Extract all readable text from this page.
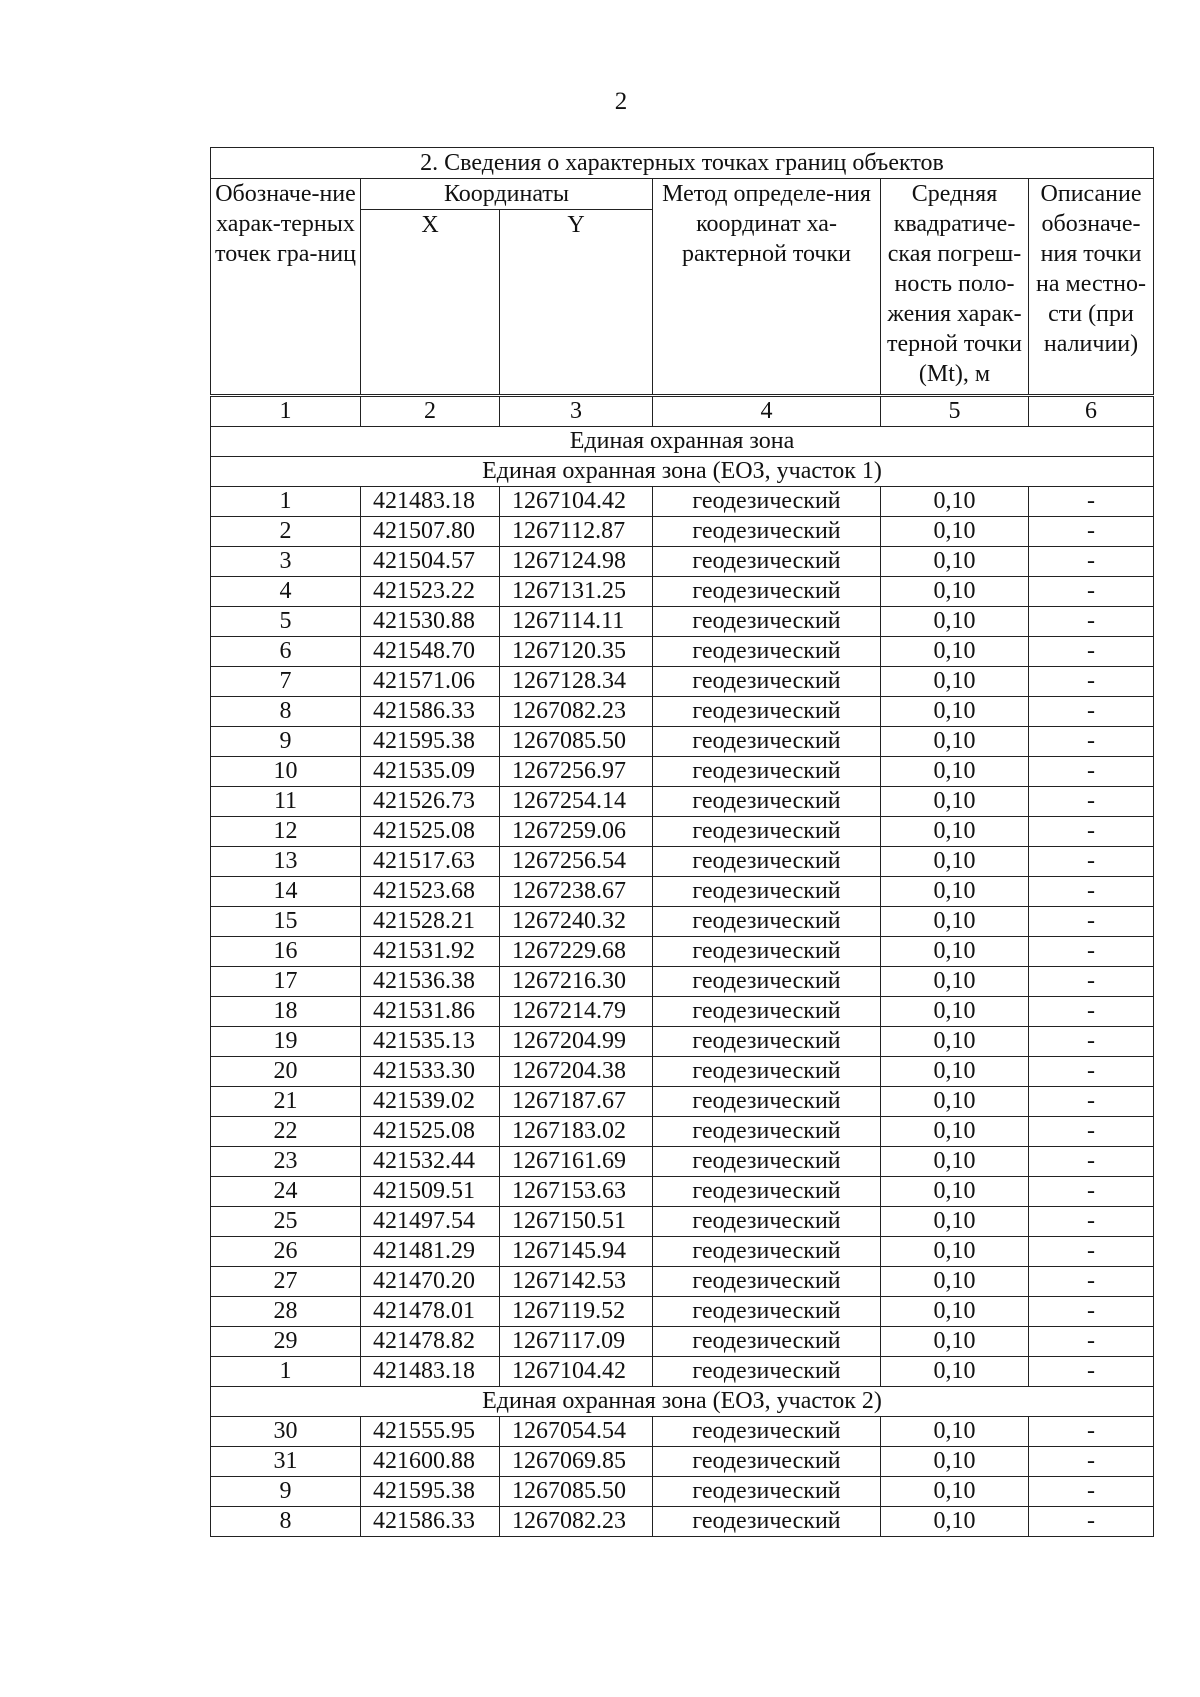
2
2. Сведения о характерных точках границ объектов					
Обозначе-ние харак-терных точек гра-ниц	Координаты		Метод определе-ния координат ха-рактерной точки	Средняя квадратиче-ская погреш-ность поло-жения харак-терной точки (Mt), м	Описание обозначе-ния точки на местно-сти (при наличии)
	X	Y			
1	2	3	4	5	6
Единая охранная зона					
Единая охранная зона (ЕОЗ, участок 1)					
1	421483.18	1267104.42	геодезический	0,10	-
2	421507.80	1267112.87	геодезический	0,10	-
3	421504.57	1267124.98	геодезический	0,10	-
4	421523.22	1267131.25	геодезический	0,10	-
5	421530.88	1267114.11	геодезический	0,10	-
6	421548.70	1267120.35	геодезический	0,10	-
7	421571.06	1267128.34	геодезический	0,10	-
8	421586.33	1267082.23	геодезический	0,10	-
9	421595.38	1267085.50	геодезический	0,10	-
10	421535.09	1267256.97	геодезический	0,10	-
11	421526.73	1267254.14	геодезический	0,10	-
12	421525.08	1267259.06	геодезический	0,10	-
13	421517.63	1267256.54	геодезический	0,10	-
14	421523.68	1267238.67	геодезический	0,10	-
15	421528.21	1267240.32	геодезический	0,10	-
16	421531.92	1267229.68	геодезический	0,10	-
17	421536.38	1267216.30	геодезический	0,10	-
18	421531.86	1267214.79	геодезический	0,10	-
19	421535.13	1267204.99	геодезический	0,10	-
20	421533.30	1267204.38	геодезический	0,10	-
21	421539.02	1267187.67	геодезический	0,10	-
22	421525.08	1267183.02	геодезический	0,10	-
23	421532.44	1267161.69	геодезический	0,10	-
24	421509.51	1267153.63	геодезический	0,10	-
25	421497.54	1267150.51	геодезический	0,10	-
26	421481.29	1267145.94	геодезический	0,10	-
27	421470.20	1267142.53	геодезический	0,10	-
28	421478.01	1267119.52	геодезический	0,10	-
29	421478.82	1267117.09	геодезический	0,10	-
1	421483.18	1267104.42	геодезический	0,10	-
Единая охранная зона (ЕОЗ, участок 2)					
30	421555.95	1267054.54	геодезический	0,10	-
31	421600.88	1267069.85	геодезический	0,10	-
9	421595.38	1267085.50	геодезический	0,10	-
8	421586.33	1267082.23	геодезический	0,10	-
